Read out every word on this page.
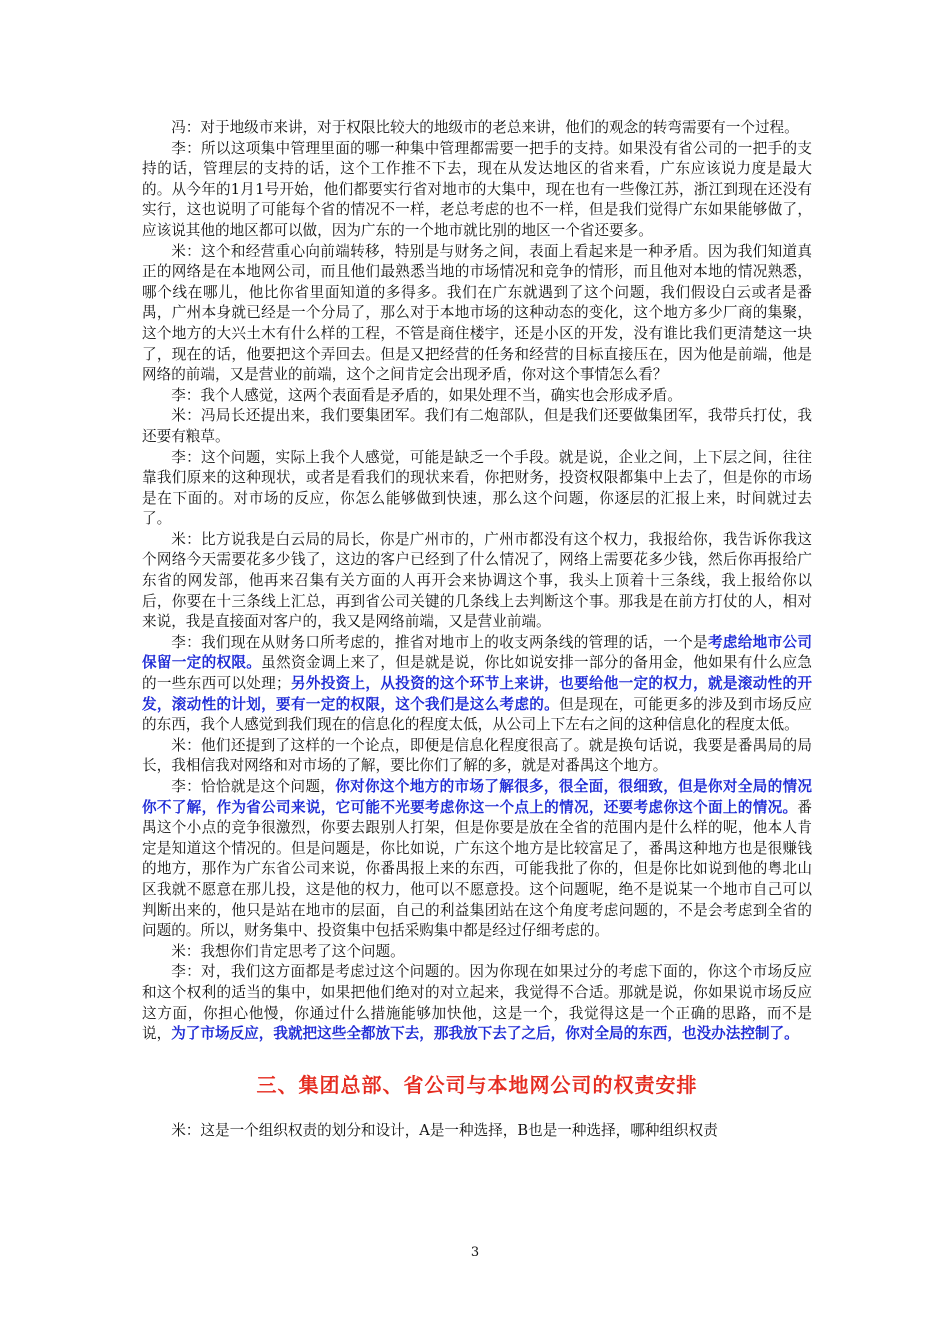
冯：对于地级市来讲，对于权限比较大的地级市的老总来讲，他们的观念的转弯需要有一个过程。

李：所以这项集中管理里面的哪一种集中管理都需要一把手的支持。如果没有省公司的一把手的支持的话，管理层的支持的话，这个工作推不下去，现在从发达地区的省来看，广东应该说力度是最大的。从今年的1月1号开始，他们都要实行省对地市的大集中，现在也有一些像江苏，浙江到现在还没有实行，这也说明了可能每个省的情况不一样，老总考虑的也不一样，但是我们觉得广东如果能够做了，应该说其他的地区都可以做，因为广东的一个地市就比别的地区一个省还要多。

米：这个和经营重心向前端转移，特别是与财务之间，表面上看起来是一种矛盾。因为我们知道真正的网络是在本地网公司，而且他们最熟悉当地的市场情况和竞争的情形，而且他对本地的情况熟悉，哪个线在哪儿，他比你省里面知道的多得多。我们在广东就遇到了这个问题，我们假设白云或者是番禺，广州本身就已经是一个分局了，那么对于本地市场的这种动态的变化，这个地方多少厂商的集聚，这个地方的大兴土木有什么样的工程，不管是商住楼宇，还是小区的开发，没有谁比我们更清楚这一块了，现在的话，他要把这个弄回去。但是又把经营的任务和经营的目标直接压在，因为他是前端，他是网络的前端，又是营业的前端，这个之间肯定会出现矛盾，你对这个事情怎么看？

李：我个人感觉，这两个表面看是矛盾的，如果处理不当，确实也会形成矛盾。

米：冯局长还提出来，我们要集团军。我们有二炮部队，但是我们还要做集团军，我带兵打仗，我还要有粮草。

李：这个问题，实际上我个人感觉，可能是缺乏一个手段。就是说，企业之间，上下层之间，往往靠我们原来的这种现状，或者是看我们的现状来看，你把财务，投资权限都集中上去了，但是你的市场是在下面的。对市场的反应，你怎么能够做到快速，那么这个问题，你逐层的汇报上来，时间就过去了。

米：比方说我是白云局的局长，你是广州市的，广州市都没有这个权力，我报给你，我告诉你我这个网络今天需要花多少钱了，这边的客户已经到了什么情况了，网络上需要花多少钱，然后你再报给广东省的网发部，他再来召集有关方面的人再开会来协调这个事，我头上顶着十三条线，我上报给你以后，你要在十三条线上汇总，再到省公司关键的几条线上去判断这个事。那我是在前方打仗的人，相对来说，我是直接面对客户的，我又是网络前端，又是营业前端。

李：我们现在从财务口所考虑的，推省对地市上的收支两条线的管理的话，一个是考虑给地市公司保留一定的权限。虽然资金调上来了，但是就是说，你比如说安排一部分的备用金，他如果有什么应急的一些东西可以处理；另外投资上，从投资的这个环节上来讲，也要给他一定的权力，就是滚动性的开发，滚动性的计划，要有一定的权限，这个我们是这么考虑的。但是现在，可能更多的涉及到市场反应的东西，我个人感觉到我们现在的信息化的程度太低，从公司上下左右之间的这种信息化的程度太低。

米：他们还提到了这样的一个论点，即便是信息化程度很高了。就是换句话说，我要是番禺局的局长，我相信我对网络和对市场的了解，要比你们了解的多，就是对番禺这个地方。

李：恰恰就是这个问题，你对你这个地方的市场了解很多，很全面，很细致，但是你对全局的情况你不了解，作为省公司来说，它可能不光要考虑你这一个点上的情况，还要考虑你这个面上的情况。番禺这个小点的竞争很激烈，你要去跟别人打架，但是你要是放在全省的范围内是什么样的呢，他本人肯定是知道这个情况的。但是问题是，你比如说，广东这个地方是比较富足了，番禺这种地方也是很赚钱的地方，那作为广东省公司来说，你番禺报上来的东西，可能我批了你的，但是你比如说到他的粤北山区我就不愿意在那儿投，这是他的权力，他可以不愿意投。这个问题呢，绝不是说某一个地市自己可以判断出来的，他只是站在地市的层面，自己的利益集团站在这个角度考虑问题的，不是会考虑到全省的问题的。所以，财务集中、投资集中包括采购集中都是经过仔细考虑的。

米：我想你们肯定思考了这个问题。

李：对，我们这方面都是考虑过这个问题的。因为你现在如果过分的考虑下面的，你这个市场反应和这个权利的适当的集中，如果把他们绝对的对立起来，我觉得不合适。那就是说，你如果说市场反应这方面，你担心他慢，你通过什么措施能够加快他，这是一个，我觉得这是一个正确的思路，而不是说，为了市场反应，我就把这些全都放下去，那我放下去了之后，你对全局的东西，也没办法控制了。

三、集团总部、省公司与本地网公司的权责安排

米：这是一个组织权责的划分和设计，A是一种选择，B也是一种选择，哪种组织权责

3
